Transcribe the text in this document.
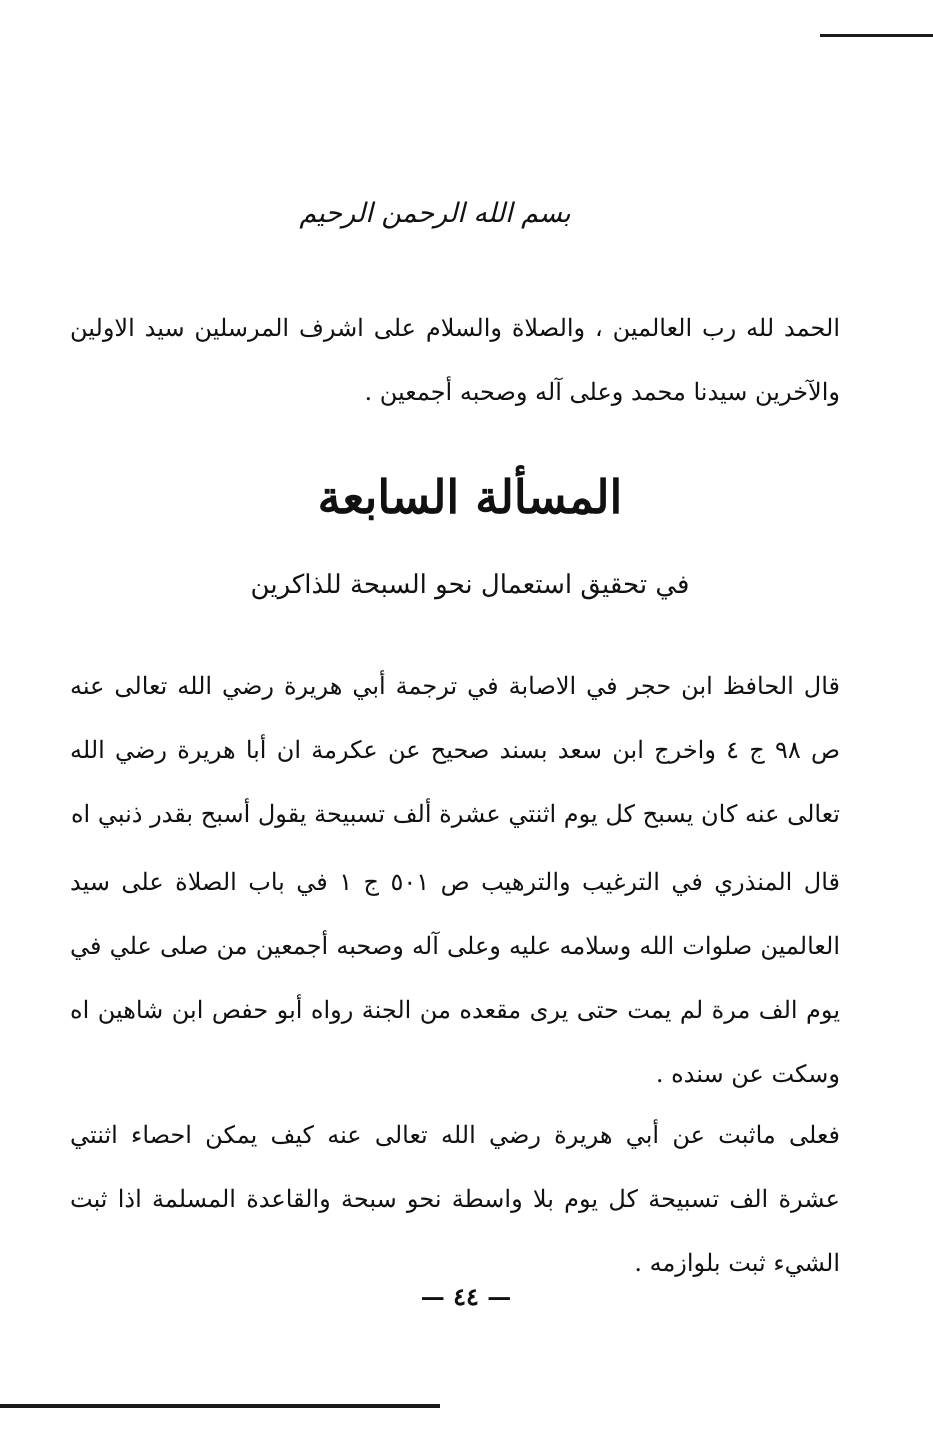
بسم الله الرحمن الرحيم

الحمد لله رب العالمين ، والصلاة والسلام على اشرف المرسلين سيد الاولين والآخرين سيدنا محمد وعلى آله وصحبه أجمعين .

المسألة السابعة
في تحقيق استعمال نحو السبحة للذاكرين

قال الحافظ ابن حجر في الاصابة في ترجمة أبي هريرة رضي الله تعالى عنه ص ٩٨ ج ٤ واخرج ابن سعد بسند صحيح عن عكرمة ان أبا هريرة رضي الله تعالى عنه كان يسبح كل يوم اثنتي عشرة ألف تسبيحة يقول أسبح بقدر ذنبي اه

قال المنذري في الترغيب والترهيب ص ٥٠١ ج ١ في باب الصلاة على سيد العالمين صلوات الله وسلامه عليه وعلى آله وصحبه أجمعين من صلى علي في يوم الف مرة لم يمت حتى يرى مقعده من الجنة رواه أبو حفص ابن شاهين اه وسكت عن سنده .

فعلى ماثبت عن أبي هريرة رضي الله تعالى عنه كيف يمكن احصاء اثنتي عشرة الف تسبيحة كل يوم بلا واسطة نحو سبحة والقاعدة المسلمة اذا ثبت الشيء ثبت بلوازمه .

— ٤٤ —
